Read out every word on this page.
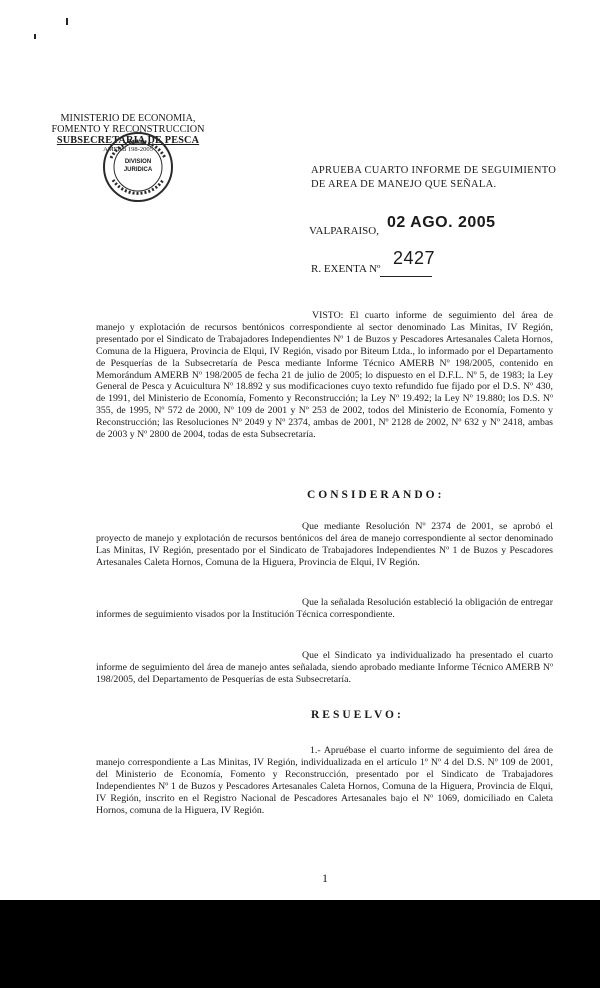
MINISTERIO DE ECONOMIA,
FOMENTO Y RECONSTRUCCION
SUBSECRETARIA DE PESCA
AMERB 198-2005
DIVISION
JURIDICA	APRUEBA CUARTO INFORME DE SEGUIMIENTO
DE AREA DE MANEJO QUE SEÑALA.
VALPARAISO, 02 AGO. 2005
R. EXENTA Nº
2427
VISTO: El cuarto informe de seguimiento del área de manejo y explotación de recursos bentónicos correspondiente al sector denominado Las Minitas, IV Región, presentado por el Sindicato de Trabajadores Independientes Nº 1 de Buzos y Pescadores Artesanales Caleta Hornos, Comuna de la Higuera, Provincia de Elqui, IV Región, visado por Biteum Ltda., lo informado por el Departamento de Pesquerías de la Subsecretaría de Pesca mediante Informe Técnico AMERB Nº 198/2005, contenido en Memorándum AMERB Nº 198/2005 de fecha 21 de julio de 2005; lo dispuesto en el D.F.L. Nº 5, de 1983; la Ley General de Pesca y Acuicultura Nº 18.892 y sus modificaciones cuyo texto refundido fue fijado por el D.S. Nº 430, de 1991, del Ministerio de Economía, Fomento y Reconstrucción; la Ley Nº 19.492; la Ley Nº 19.880; los D.S. Nº 355, de 1995, Nº 572 de 2000, Nº 109 de 2001 y Nº 253 de 2002, todos del Ministerio de Economía, Fomento y Reconstrucción; las Resoluciones Nº 2049 y Nº 2374, ambas de 2001, Nº 2128 de 2002, Nº 632 y Nº 2418, ambas de 2003 y Nº 2800 de 2004, todas de esta Subsecretaría.
CONSIDERANDO:
Que mediante Resolución Nº 2374 de 2001, se aprobó el proyecto de manejo y explotación de recursos bentónicos del área de manejo correspondiente al sector denominado Las Minitas, IV Región, presentado por el Sindicato de Trabajadores Independientes Nº 1 de Buzos y Pescadores Artesanales Caleta Hornos, Comuna de la Higuera, Provincia de Elqui, IV Región.
Que la señalada Resolución estableció la obligación de entregar informes de seguimiento visados por la Institución Técnica correspondiente.
Que el Sindicato ya individualizado ha presentado el cuarto informe de seguimiento del área de manejo antes señalada, siendo aprobado mediante Informe Técnico AMERB Nº 198/2005, del Departamento de Pesquerías de esta Subsecretaría.
RESUELVO:
1.- Apruébase el cuarto informe de seguimiento del área de manejo correspondiente a Las Minitas, IV Región, individualizada en el artículo 1º Nº 4 del D.S. Nº 109 de 2001, del Ministerio de Economía, Fomento y Reconstrucción, presentado por el Sindicato de Trabajadores Independientes Nº 1 de Buzos y Pescadores Artesanales Caleta Hornos, Comuna de la Higuera, Provincia de Elqui, IV Región, inscrito en el Registro Nacional de Pescadores Artesanales bajo el Nº 1069, domiciliado en Caleta Hornos, comuna de la Higuera, IV Región.
1
